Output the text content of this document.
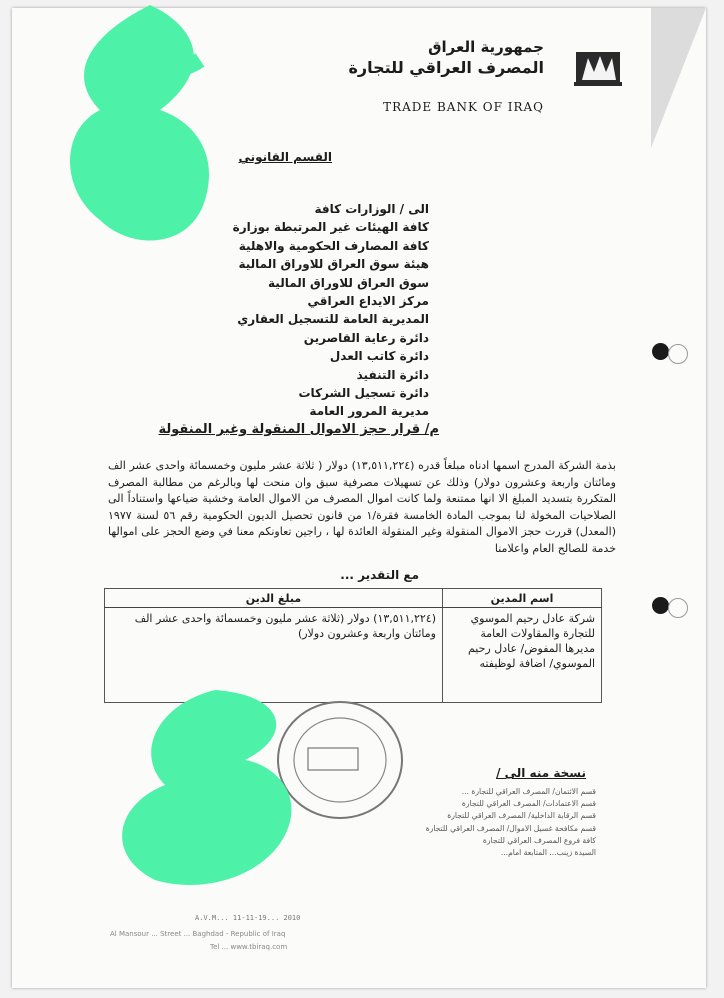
جمهورية العراق
المصرف العراقي للتجارة
TRADE BANK OF IRAQ
القسم القانوني
الى / الوزارات كافة
كافة الهيئات غير المرتبطة بوزارة
كافة المصارف الحكومية والاهلية
هيئة سوق العراق للاوراق المالية
سوق العراق للاوراق المالية
مركز الايداع العراقي
المديرية العامة للتسجيل العقاري
دائرة رعاية القاصرين
دائرة كاتب العدل
دائرة التنفيذ
دائرة تسجيل الشركات
مديرية المرور العامة
م/ قرار حجز الاموال المنقولة وغير المنقولة
بذمة الشركة المدرج اسمها ادناه مبلغاً قدره (١٣,٥١١,٢٢٤) دولار ( ثلاثة عشر مليون وخمسمائة واحدى عشر الف ومائتان واربعة وعشرون دولار) وذلك عن تسهيلات مصرفية سبق وان منحت لها وبالرغم من مطالبة المصرف المتكررة بتسديد المبلغ الا انها ممتنعة ولما كانت اموال المصرف من الاموال العامة وخشية ضياعها واستناداً الى الصلاحيات المخولة لنا بموجب المادة الخامسة فقرة/١ من قانون تحصيل الديون الحكومية رقم ٥٦ لسنة ١٩٧٧ (المعدل) قررت حجز الاموال المنقولة وغير المنقولة العائدة لها ، راجين تعاونكم معنا في وضع الحجز على اموالها خدمة للصالح العام واعلامنا
مع التقدير ...
اسم المدين	مبلغ الدين
شركة عادل رحيم الموسوي للتجارة والمقاولات العامة مديرها المفوض/ عادل رحيم الموسوي/ اضافة لوظيفته	(١٣,٥١١,٢٢٤) دولار (ثلاثة عشر مليون وخمسمائة واحدى عشر الف ومائتان واربعة وعشرون دولار)
نسخة منه الى /
قسم الائتمان/ المصرف العراقي للتجارة ...
قسم الاعتمادات/ المصرف العراقي للتجارة
قسم الرقابة الداخلية/ المصرف العراقي للتجارة
قسم مكافحة غسيل الاموال/ المصرف العراقي للتجارة
كافة فروع المصرف العراقي للتجارة
السيدة زينب... المتابعة امام...
A.V.M... 11-11-19... 2010
Al Mansour ... Street ... Baghdad - Republic of Iraq
Tel ... www.tbiraq.com
